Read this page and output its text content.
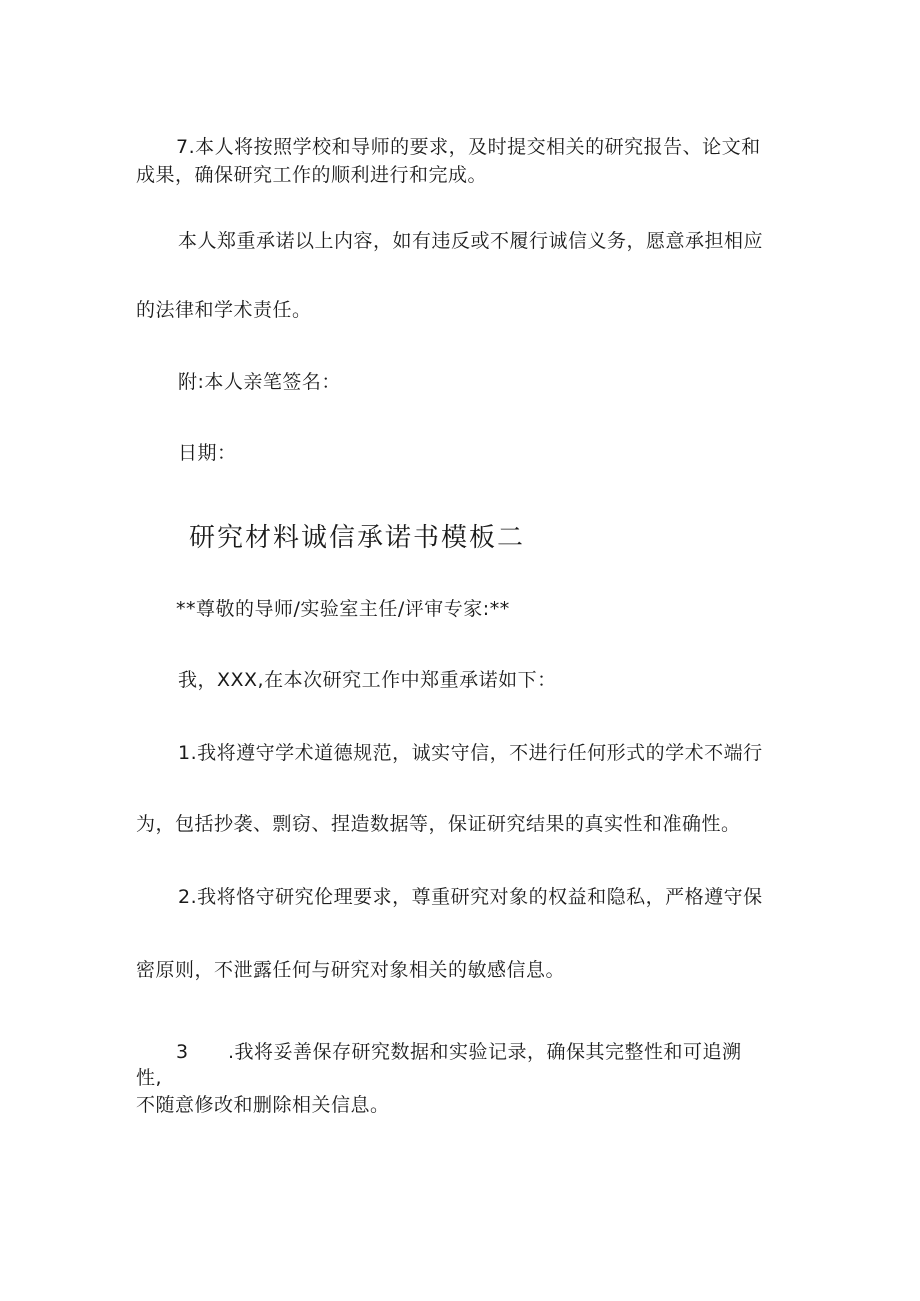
7.本人将按照学校和导师的要求，及时提交相关的研究报告、论文和
成果，确保研究工作的顺利进行和完成。
本人郑重承诺以上内容，如有违反或不履行诚信义务，愿意承担相应
的法律和学术责任。
附:本人亲笔签名：
日期：
研究材料诚信承诺书模板二
**尊敬的导师/实验室主任/评审专家:**
我，XXX,在本次研究工作中郑重承诺如下：
1.我将遵守学术道德规范，诚实守信，不进行任何形式的学术不端行
为，包括抄袭、剽窃、捏造数据等，保证研究结果的真实性和准确性。
2.我将恪守研究伦理要求，尊重研究对象的权益和隐私，严格遵守保
密原则，不泄露任何与研究对象相关的敏感信息。
3 .我将妥善保存研究数据和实验记录，确保其完整性和可追溯
性,
不随意修改和删除相关信息。
